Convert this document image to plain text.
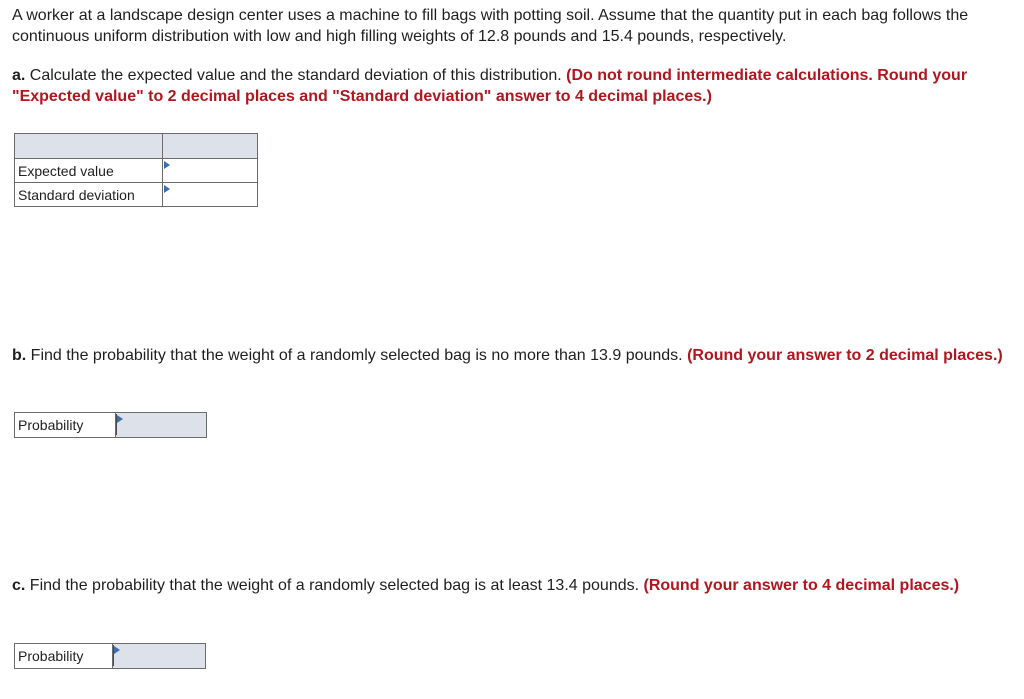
A worker at a landscape design center uses a machine to fill bags with potting soil. Assume that the quantity put in each bag follows the continuous uniform distribution with low and high filling weights of 12.8 pounds and 15.4 pounds, respectively.

a. Calculate the expected value and the standard deviation of this distribution. (Do not round intermediate calculations. Round your "Expected value" to 2 decimal places and "Standard deviation" answer to 4 decimal places.)

Expected value	

Standard deviation	

b. Find the probability that the weight of a randomly selected bag is no more than 13.9 pounds. (Round your answer to 2 decimal places.)

Probability

c. Find the probability that the weight of a randomly selected bag is at least 13.4 pounds. (Round your answer to 4 decimal places.)

Probability
